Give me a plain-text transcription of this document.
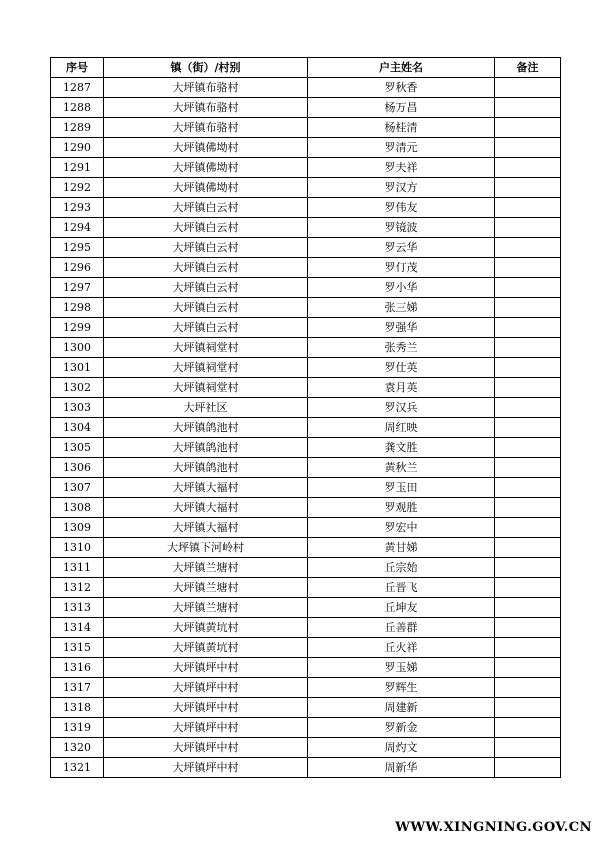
序号	镇（街）/村别	户主姓名	备注
1287	大坪镇布骆村	罗秋香	
1288	大坪镇布骆村	杨万昌	
1289	大坪镇布骆村	杨桂清	
1290	大坪镇佛坳村	罗清元	
1291	大坪镇佛坳村	罗夫祥	
1292	大坪镇佛坳村	罗汉方	
1293	大坪镇白云村	罗伟友	
1294	大坪镇白云村	罗镜波	
1295	大坪镇白云村	罗云华	
1296	大坪镇白云村	罗仃茂	
1297	大坪镇白云村	罗小华	
1298	大坪镇白云村	张三娣	
1299	大坪镇白云村	罗强华	
1300	大坪镇祠堂村	张秀兰	
1301	大坪镇祠堂村	罗仕英	
1302	大坪镇祠堂村	袁月英	
1303	大坪社区	罗汉兵	
1304	大坪镇鸽池村	周红映	
1305	大坪镇鸽池村	龚文胜	
1306	大坪镇鸽池村	黄秋兰	
1307	大坪镇大福村	罗玉田	
1308	大坪镇大福村	罗观胜	
1309	大坪镇大福村	罗宏中	
1310	大坪镇下河岭村	黄甘娣	
1311	大坪镇兰塘村	丘宗始	
1312	大坪镇兰塘村	丘晋飞	
1313	大坪镇兰塘村	丘坤友	
1314	大坪镇黄坑村	丘善群	
1315	大坪镇黄坑村	丘火祥	
1316	大坪镇坪中村	罗玉娣	
1317	大坪镇坪中村	罗辉生	
1318	大坪镇坪中村	周建新	
1319	大坪镇坪中村	罗新金	
1320	大坪镇坪中村	周灼文	
1321	大坪镇坪中村	周新华	
WWW.XINGNING.GOV.CN
